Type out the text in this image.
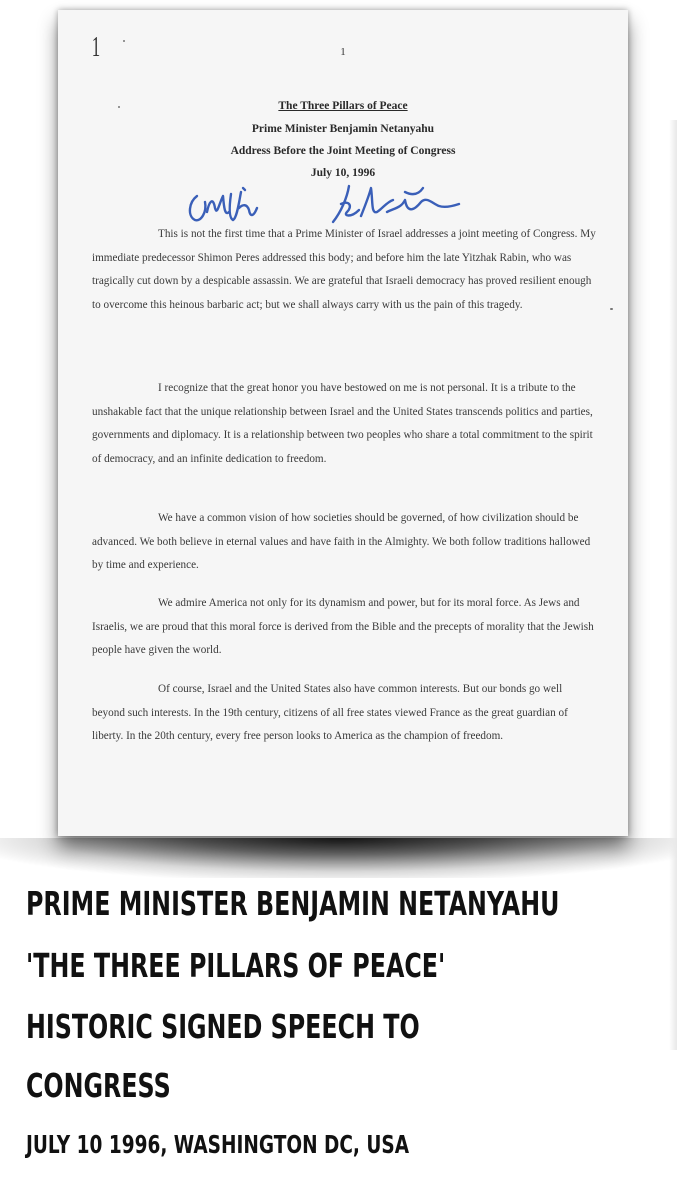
1	1
The Three Pillars of Peace
Prime Minister Benjamin Netanyahu
Address Before the Joint Meeting of Congress
July 10, 1996

This is not the first time that a Prime Minister of Israel addresses a joint meeting of Congress. My immediate predecessor Shimon Peres addressed this body; and before him the late Yitzhak Rabin, who was tragically cut down by a despicable assassin. We are grateful that Israeli democracy has proved resilient enough to overcome this heinous barbaric act; but we shall always carry with us the pain of this tragedy.

I recognize that the great honor you have bestowed on me is not personal. It is a tribute to the unshakable fact that the unique relationship between Israel and the United States transcends politics and parties, governments and diplomacy. It is a relationship between two peoples who share a total commitment to the spirit of democracy, and an infinite dedication to freedom.

We have a common vision of how societies should be governed, of how civilization should be advanced. We both believe in eternal values and have faith in the Almighty. We both follow traditions hallowed by time and experience.

We admire America not only for its dynamism and power, but for its moral force. As Jews and Israelis, we are proud that this moral force is derived from the Bible and the precepts of morality that the Jewish people have given the world.

Of course, Israel and the United States also have common interests. But our bonds go well beyond such interests. In the 19th century, citizens of all free states viewed France as the great guardian of liberty. In the 20th century, every free person looks to America as the champion of freedom.

PRIME MINISTER BENJAMIN NETANYAHU
'THE THREE PILLARS OF PEACE'
HISTORIC SIGNED SPEECH TO
CONGRESS
JULY 10 1996, WASHINGTON DC, USA
